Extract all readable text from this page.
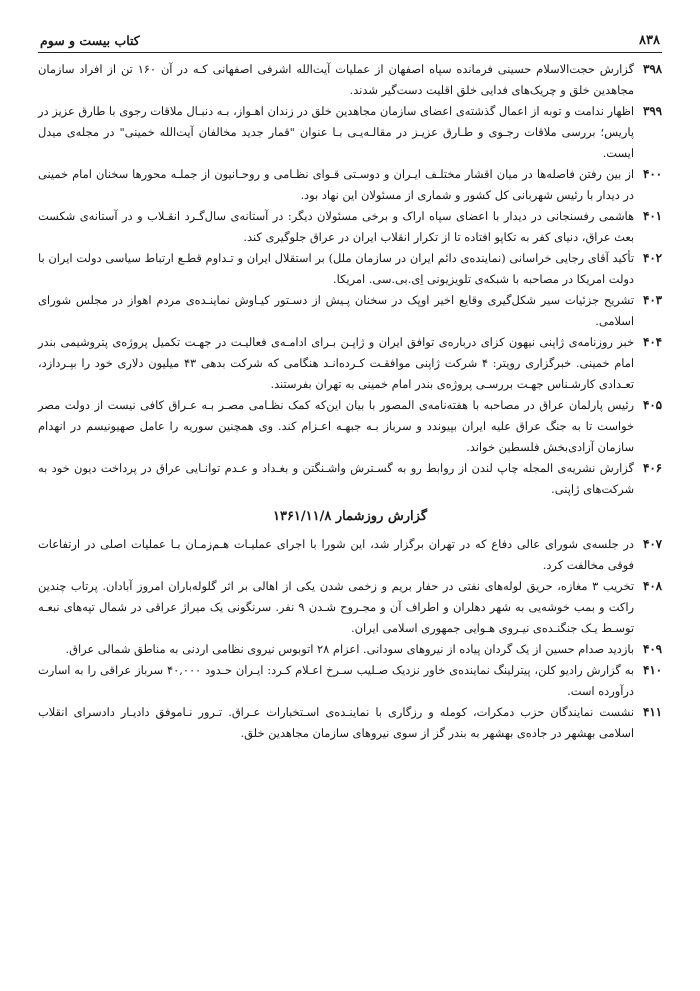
۸۳۸
کتاب بیست و سوم

۳۹۸
گزارش حجت‌الاسلام حسینی فرمانده سپاه اصفهان از عملیات آیت‌الله اشرفی اصفهانی کـه در آن ۱۶۰ تن از افراد سازمان مجاهدین خلق و چریک‌های فدایی خلق اقلیت دست‌گیر شدند.

۳۹۹
اظهار ندامت و توبه از اعمال گذشته‌ی اعضای سازمان مجاهدین خلق در زندان اهـواز، بـه دنبـال ملاقات رجوی با طارق عزیز در پاریس؛ بررسی ملاقات رجـوی و طـارق عزیـز در مقالـه‌یـی بـا عنوان "قمار جدید مخالفان آیت‌الله خمینی" در مجله‌ی میدل ایست.

۴۰۰
از بین رفتن فاصله‌ها در میان اقشار مختلـف ایـران و دوسـتی قـوای نظـامی و روحـانیون از جملـه محورها سخنان امام خمینی در دیدار با رئیس شهربانی کل کشور و شماری از مسئولان این نهاد بود.

۴۰۱
هاشمی رفسنجانی در دیدار با اعضای سپاه اراک و برخی مسئولان دیگر: در آستانه‌ی سال‌گـرد انقـلاب و در آستانه‌ی شکست بعث عراق، دنیای کفر به تکاپو افتاده تا از تکرار انقلاب ایران در عراق جلوگیری کند.

۴۰۲
تأکید آقای رجایی خراسانی (نماینده‌ی دائم ایران در سازمان ملل) بر استقلال ایران و تـداوم قطـع ارتباط سیاسی دولت ایران با دولت امریکا در مصاحبه با شبکه‌ی تلویزیونی اِی.بی.سی. امریکا.

۴۰۳
تشریح جزئیات سیر شکل‌گیری وقایع اخیر اوپک در سخنان پـیش از دسـتور کیـاوش نماینـده‌ی مردم اهواز در مجلس شورای اسلامی.

۴۰۴
خبر روزنامه‌ی ژاپنی نیهون کزای درباره‌ی توافق ایران و ژاپـن بـرای ادامـه‌ی فعالیـت در جهـت تکمیل پروژه‌ی پتروشیمی بندر امام خمینی. خبرگزاری رویتر: ۴ شرکت ژاپنی موافقـت کـرده‌انـد هنگامی که شرکت بدهی ۴۳ میلیون دلاری خود را بپـردازد، تعـدادی کارشـناس جهـت بررسـی پروژه‌ی بندر امام خمینی به تهران بفرستند.

۴۰۵
رئیس پارلمان عراق در مصاحبه با هفته‌نامه‌ی المصور با بیان این‌که کمک نظـامی مصـر بـه عـراق کافی نیست از دولت مصر خواست تا به جنگ عراق علیه ایران بپیوندد و سرباز بـه جبهـه اعـزام کند. وی همچنین سوریه را عامل صهیونیسم در انهدام سازمان آزادی‌بخش فلسطین خواند.

۴۰۶
گزارش نشریه‌ی المجله چاپ لندن از روابط رو به گسـترش واشـنگتن و بغـداد و عـدم توانـایی عراق در پرداخت دیون خود به شرکت‌های ژاپنی.

گزارش روزشمار ۱۳۶۱/۱۱/۸

۴۰۷
در جلسه‌ی شورای عالی دفاع که در تهران برگزار شد، این شورا با اجرای عملیـات هـم‌زمـان بـا عملیات اصلی در ارتفاعات فوقی مخالفت کرد.

۴۰۸
تخریب ۳ مغازه، حریق لوله‌های نفتی در حفار بریم و زخمی شدن یکی از اهالی بر اثر گلوله‌باران امروز آبادان. پرتاب چندین راکت و بمب خوشه‌یی به شهر دهلران و اطراف آن و مجـروح شـدن ۹ نفر. سرنگونی یک میراژ عراقی در شمال تپه‌های نبعـه توسـط یـک جنگنـده‌ی نیـروی هـوایی جمهوری اسلامی ایران.

۴۰۹
بازدید صدام حسین از یک گردان پیاده از نیروهای سودانی. اعزام ۲۸ اتوبوس نیروی نظامی اردنی به مناطق شمالی عراق.

۴۱۰
به گزارش رادیو کلن، پیترلینگ نماینده‌ی خاور نزدیک صـلیب سـرخ اعـلام کـرد: ایـران حـدود ۴۰,۰۰۰ سرباز عراقی را به اسارت درآورده است.

۴۱۱
نشست نمایندگان حزب دمکرات، کومله و رزگاری با نماینـده‌ی اسـتخبارات عـراق. تـرور نـاموفق دادیـار دادسرای انقلاب اسلامی بهشهر در جاده‌ی بهشهر به بندر گز از سوی نیروهای سازمان مجاهدین خلق.
